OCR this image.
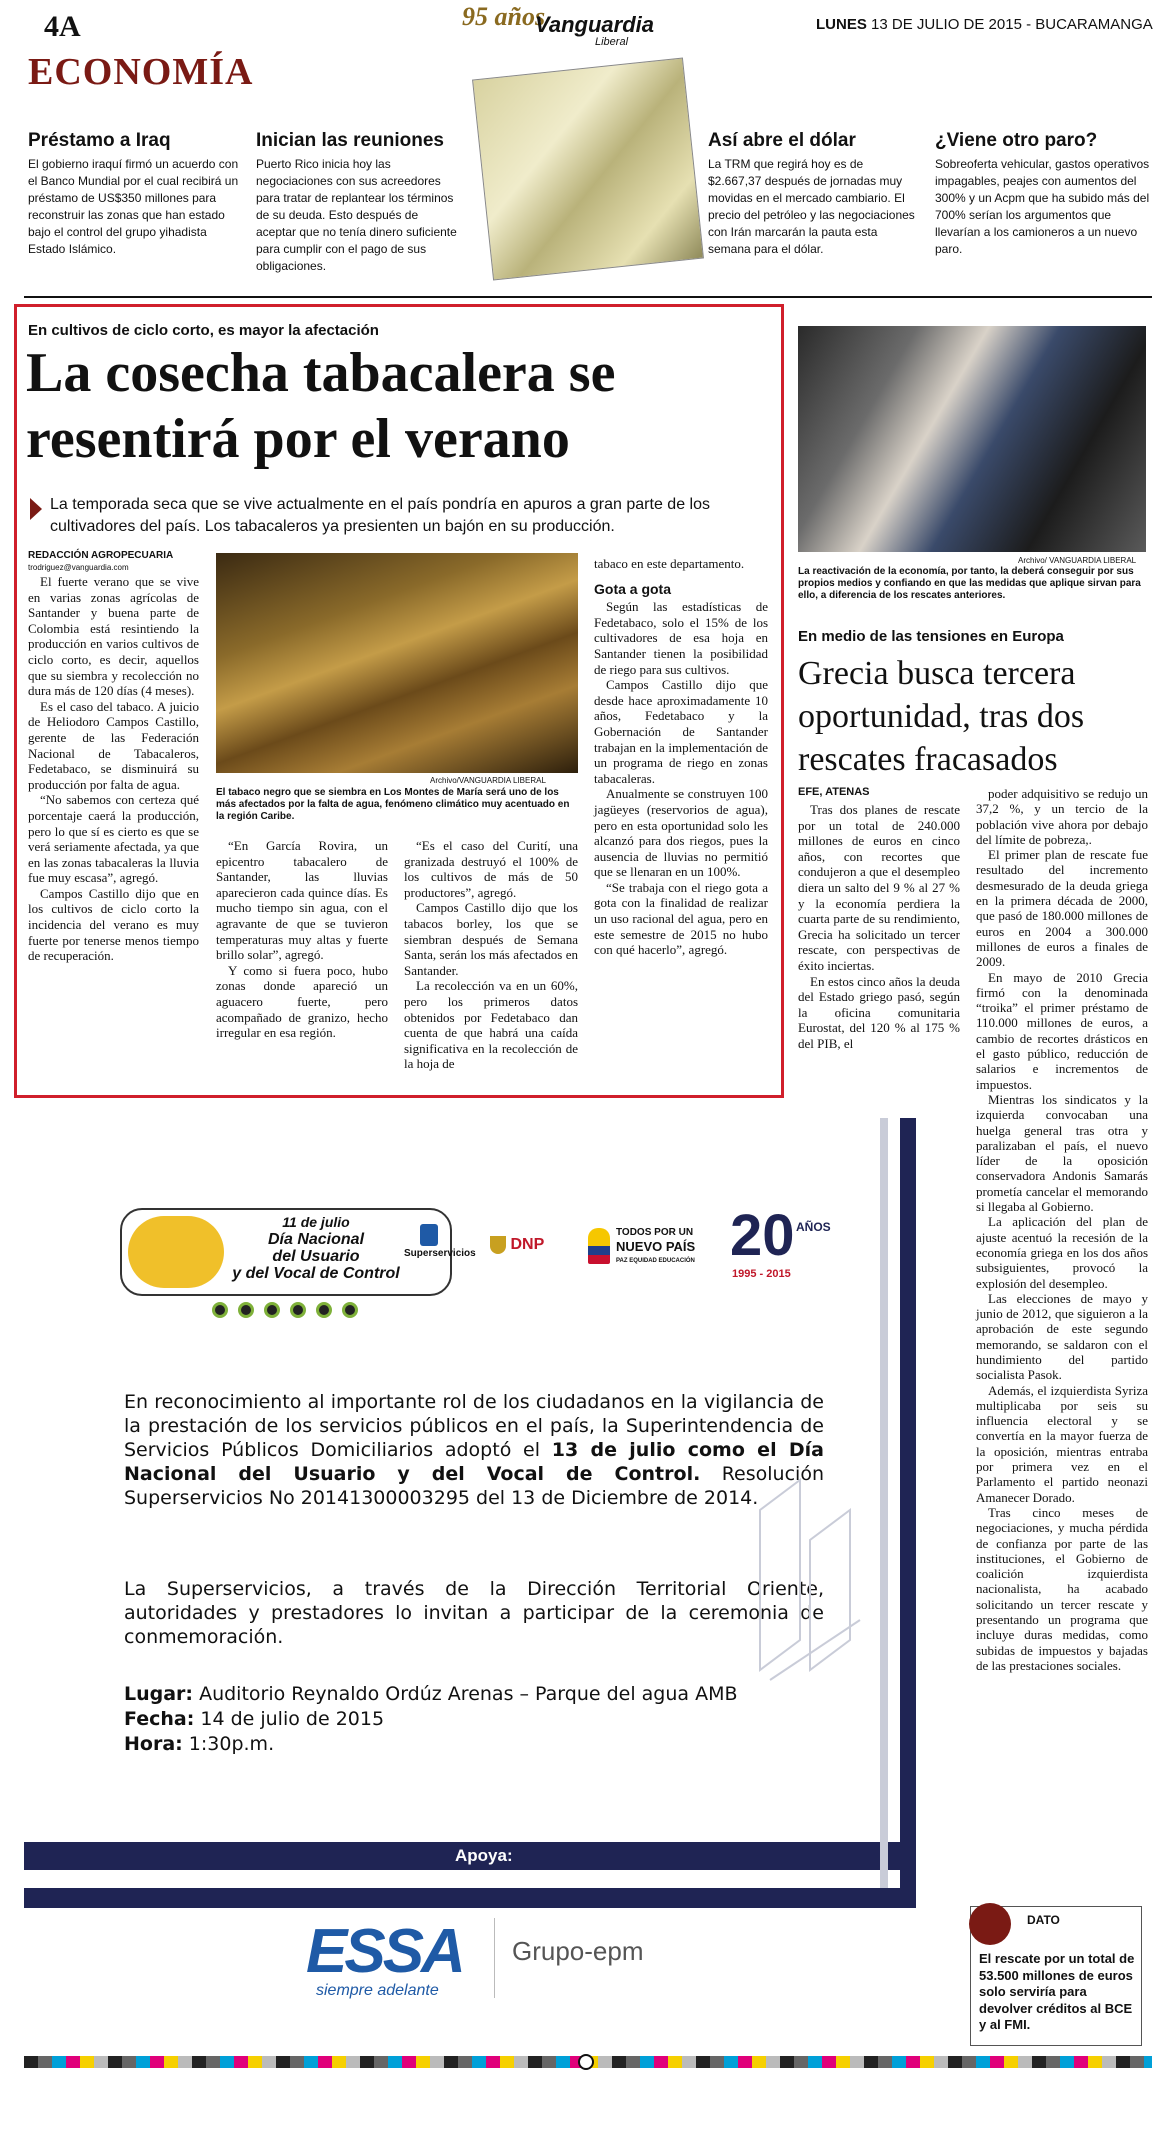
4A
ECONOMÍA
95 años
Vanguardia
Liberal
LUNES 13 DE JULIO DE 2015 - BUCARAMANGA
Préstamo a Iraq
El gobierno iraquí firmó un acuerdo con el Banco Mundial por el cual recibirá un préstamo de US$350 millones para reconstruir las zonas que han estado bajo el control del grupo yihadista Estado Islámico.
Inician las reuniones
Puerto Rico inicia hoy las negociaciones con sus acreedores para tratar de replantear los términos de su deuda. Esto después de aceptar que no tenía dinero suficiente para cumplir con el pago de sus obligaciones.
Así abre el dólar
La TRM que regirá hoy es de $2.667,37 después de jornadas muy movidas en el mercado cambiario. El precio del petróleo y las negociaciones con Irán marcarán la pauta esta semana para el dólar.
¿Viene otro paro?
Sobreoferta vehicular, gastos operativos impagables, peajes con aumentos del 300% y un Acpm que ha subido más del 700% serían los argumentos que llevarían a los camioneros a un nuevo paro.
En cultivos de ciclo corto, es mayor la afectación
La cosecha tabacalera se resentirá por el verano
La temporada seca que se vive actualmente en el país pondría en apuros a gran parte de los cultivadores del país. Los tabacaleros ya presienten un bajón en su producción.
REDACCIÓN AGROPECUARIA
trodriguez@vanguardia.com

El fuerte verano que se vive en varias zonas agrícolas de Santander y buena parte de Colombia está resintiendo la producción en varios cultivos de ciclo corto, es decir, aquellos que su siembra y recolección no dura más de 120 días (4 meses).

Es el caso del tabaco. A juicio de Heliodoro Campos Castillo, gerente de las Federación Nacional de Tabacaleros, Fedetabaco, se disminuirá su producción por falta de agua.

“No sabemos con certeza qué porcentaje caerá la producción, pero lo que sí es cierto es que se verá seriamente afectada, ya que en las zonas tabacaleras la lluvia fue muy escasa”, agregó.

Campos Castillo dijo que en los cultivos de ciclo corto la incidencia del verano es muy fuerte por tenerse menos tiempo de recuperación.

Archivo/VANGUARDIA LIBERAL
El tabaco negro que se siembra en Los Montes de María será uno de los más afectados por la falta de agua, fenómeno climático muy acentuado en la región Caribe.

“En García Rovira, un epicentro tabacalero de Santander, las lluvias aparecieron cada quince días. Es mucho tiempo sin agua, con el agravante de que se tuvieron temperaturas muy altas y fuerte brillo solar”, agregó.

Y como si fuera poco, hubo zonas donde apareció un aguacero fuerte, pero acompañado de granizo, hecho irregular en esa región.

“Es el caso del Curití, una granizada destruyó el 100% de los cultivos de más de 50 productores”, agregó.

Campos Castillo dijo que los tabacos borley, los que se siembran después de Semana Santa, serán los más afectados en Santander.

La recolección va en un 60%, pero los primeros datos obtenidos por Fedetabaco dan cuenta de que habrá una caída significativa en la recolección de la hoja de

tabaco en este departamento.
Gota a gota

Según las estadísticas de Fedetabaco, solo el 15% de los cultivadores de esa hoja en Santander tienen la posibilidad de riego para sus cultivos.

Campos Castillo dijo que desde hace aproximadamente 10 años, Fedetabaco y la Gobernación de Santander trabajan en la implementación de un programa de riego en zonas tabacaleras.

Anualmente se construyen 100 jagüeyes (reservorios de agua), pero en esta oportunidad solo les alcanzó para dos riegos, pues la ausencia de lluvias no permitió que se llenaran en un 100%.

“Se trabaja con el riego gota a gota con la finalidad de realizar un uso racional del agua, pero en este semestre de 2015 no hubo con qué hacerlo”, agregó.

Archivo/ VANGUARDIA LIBERAL
La reactivación de la economía, por tanto, la deberá conseguir por sus propios medios y confiando en que las medidas que aplique sirvan para ello, a diferencia de los rescates anteriores.
En medio de las tensiones en Europa
Grecia busca tercera oportunidad, tras dos rescates fracasados
EFE, ATENAS

Tras dos planes de rescate por un total de 240.000 millones de euros en cinco años, con recortes que condujeron a que el desempleo diera un salto del 9 % al 27 % y la economía perdiera la cuarta parte de su rendimiento, Grecia ha solicitado un tercer rescate, con perspectivas de éxito inciertas.

En estos cinco años la deuda del Estado griego pasó, según la oficina comunitaria Eurostat, del 120 % al 175 % del PIB, el

poder adquisitivo se redujo un 37,2 %, y un tercio de la población vive ahora por debajo del límite de pobreza,.

El primer plan de rescate fue resultado del incremento desmesurado de la deuda griega en la primera década de 2000, que pasó de 180.000 millones de euros en 2004 a 300.000 millones de euros a finales de 2009.

En mayo de 2010 Grecia firmó con la denominada “troika” el primer préstamo de 110.000 millones de euros, a cambio de recortes drásticos en el gasto público, reducción de salarios e incrementos de impuestos.

Mientras los sindicatos y la izquierda convocaban una huelga general tras otra y paralizaban el país, el nuevo líder de la oposición conservadora Andonis Samarás prometía cancelar el memorando si llegaba al Gobierno.

La aplicación del plan de ajuste acentuó la recesión de la economía griega en los dos años subsiguientes, provocó la explosión del desempleo.

Las elecciones de mayo y junio de 2012, que siguieron a la aprobación de este segundo memorando, se saldaron con el hundimiento del partido socialista Pasok.

Además, el izquierdista Syriza multiplicaba por seis su influencia electoral y se convertía en la mayor fuerza de la oposición, mientras entraba por primera vez en el Parlamento el partido neonazi Amanecer Dorado.

Tras cinco meses de negociaciones, y mucha pérdida de confianza por parte de las instituciones, el Gobierno de coalición izquierdista nacionalista, ha acabado solicitando un tercer rescate y presentando un programa que incluye duras medidas, como subidas de impuestos y bajadas de las prestaciones sociales.

DATO
El rescate por un total de 53.500 millones de euros solo serviría para devolver créditos al BCE y al FMI.
Apoya:
11 de julio
Día Nacional
del Usuario
y del Vocal de Control
Superservicios
DNP
TODOS POR UN
NUEVO PAÍS
PAZ EQUIDAD EDUCACIÓN 20 AÑOS
1995 - 2015
En reconocimiento al importante rol de los ciudadanos en la vigilancia de la prestación de los servicios públicos en el país, la Superintendencia de Servicios Públicos Domiciliarios adoptó el 13 de julio como el Día Nacional del Usuario y del Vocal de Control. Resolución Superservicios No 20141300003295 del 13 de Diciembre de 2014.
La Superservicios, a través de la Dirección Territorial Oriente, autoridades y prestadores lo invitan a participar de la ceremonia de conmemoración.
Lugar: Auditorio Reynaldo Ordúz Arenas – Parque del agua AMB
Fecha: 14 de julio de 2015
Hora: 1:30p.m.
ESSA
siempre adelante
Grupo-epm
